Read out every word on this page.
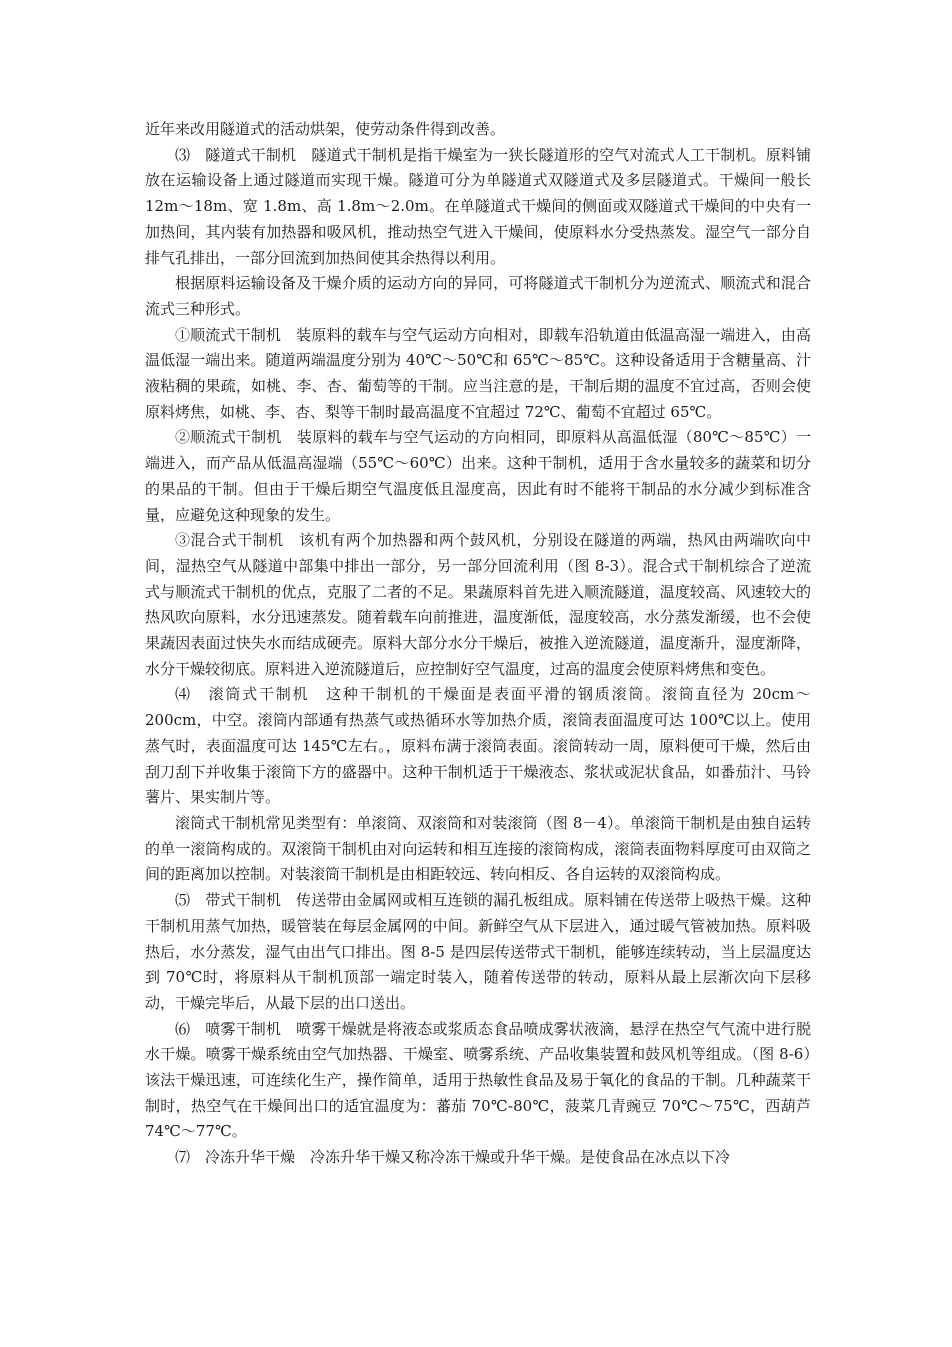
近年来改用隧道式的活动烘架，使劳动条件得到改善。

⑶　隧道式干制机　隧道式干制机是指干燥室为一狭长隧道形的空气对流式人工干制机。原料铺放在运输设备上通过隧道而实现干燥。隧道可分为单隧道式双隧道式及多层隧道式。干燥间一般长 12m～18m、宽 1.8m、高 1.8m～2.0m。在单隧道式干燥间的侧面或双隧道式干燥间的中央有一加热间，其内装有加热器和吸风机，推动热空气进入干燥间，使原料水分受热蒸发。湿空气一部分自排气孔排出，一部分回流到加热间使其余热得以利用。

根据原料运输设备及干燥介质的运动方向的异同，可将隧道式干制机分为逆流式、顺流式和混合流式三种形式。

①顺流式干制机　装原料的载车与空气运动方向相对，即载车沿轨道由低温高湿一端进入，由高温低湿一端出来。随道两端温度分别为 40℃～50℃和 65℃～85℃。这种设备适用于含糖量高、汁液粘稠的果疏，如桃、李、杏、葡萄等的干制。应当注意的是，干制后期的温度不宜过高，否则会使原料烤焦，如桃、李、杏、梨等干制时最高温度不宜超过 72℃、葡萄不宜超过 65℃。

②顺流式干制机　装原料的载车与空气运动的方向相同，即原料从高温低湿（80℃～85℃）一端进入，而产品从低温高湿端（55℃～60℃）出来。这种干制机，适用于含水量较多的蔬菜和切分的果品的干制。但由于干燥后期空气温度低且湿度高，因此有时不能将干制品的水分减少到标准含量，应避免这种现象的发生。

③混合式干制机　该机有两个加热器和两个鼓风机，分别设在隧道的两端，热风由两端吹向中间，湿热空气从隧道中部集中排出一部分，另一部分回流利用（图 8-3）。混合式干制机综合了逆流式与顺流式干制机的优点，克服了二者的不足。果蔬原料首先进入顺流隧道，温度较高、风速较大的热风吹向原料，水分迅速蒸发。随着载车向前推进，温度渐低，湿度较高，水分蒸发渐缓，也不会使果蔬因表面过快失水而结成硬壳。原料大部分水分干燥后，被推入逆流隧道，温度渐升，湿度渐降，水分干燥较彻底。原料进入逆流隧道后，应控制好空气温度，过高的温度会使原料烤焦和变色。

⑷　滚筒式干制机　这种干制机的干燥面是表面平滑的钢质滚筒。滚筒直径为 20cm～200cm，中空。滚筒内部通有热蒸气或热循环水等加热介质，滚筒表面温度可达 100℃以上。使用蒸气时，表面温度可达 145℃左右。，原料布满于滚筒表面。滚筒转动一周，原料便可干燥，然后由刮刀刮下并收集于滚筒下方的盛器中。这种干制机适于干燥液态、浆状或泥状食品，如番茄汁、马铃薯片、果实制片等。

滚筒式干制机常见类型有：单滚筒、双滚筒和对装滚筒（图 8－4）。单滚筒干制机是由独自运转的单一滚筒构成的。双滚筒干制机由对向运转和相互连接的滚筒构成，滚筒表面物料厚度可由双筒之间的距离加以控制。对装滚筒干制机是由相距较远、转向相反、各自运转的双滚筒构成。

⑸　带式干制机　传送带由金属网或相互连锁的漏孔板组成。原料铺在传送带上吸热干燥。这种干制机用蒸气加热，暖管装在每层金属网的中间。新鲜空气从下层进入，通过暖气管被加热。原料吸热后，水分蒸发，湿气由出气口排出。图 8-5 是四层传送带式干制机，能够连续转动，当上层温度达到 70℃时，将原料从干制机顶部一端定时装入，随着传送带的转动，原料从最上层渐次向下层移动，干燥完毕后，从最下层的出口送出。

⑹　喷雾干制机　喷雾干燥就是将液态或浆质态食品喷成雾状液滴，悬浮在热空气气流中进行脱水干燥。喷雾干燥系统由空气加热器、干燥室、喷雾系统、产品收集装置和鼓风机等组成。（图 8-6）该法干燥迅速，可连续化生产，操作简单，适用于热敏性食品及易于氧化的食品的干制。几种蔬菜干制时，热空气在干燥间出口的适宜温度为：蕃茄 70℃-80℃，菠菜几青豌豆 70℃～75℃，西葫芦 74℃～77℃。

⑺　冷冻升华干燥　冷冻升华干燥又称冷冻干燥或升华干燥。是使食品在冰点以下冷
